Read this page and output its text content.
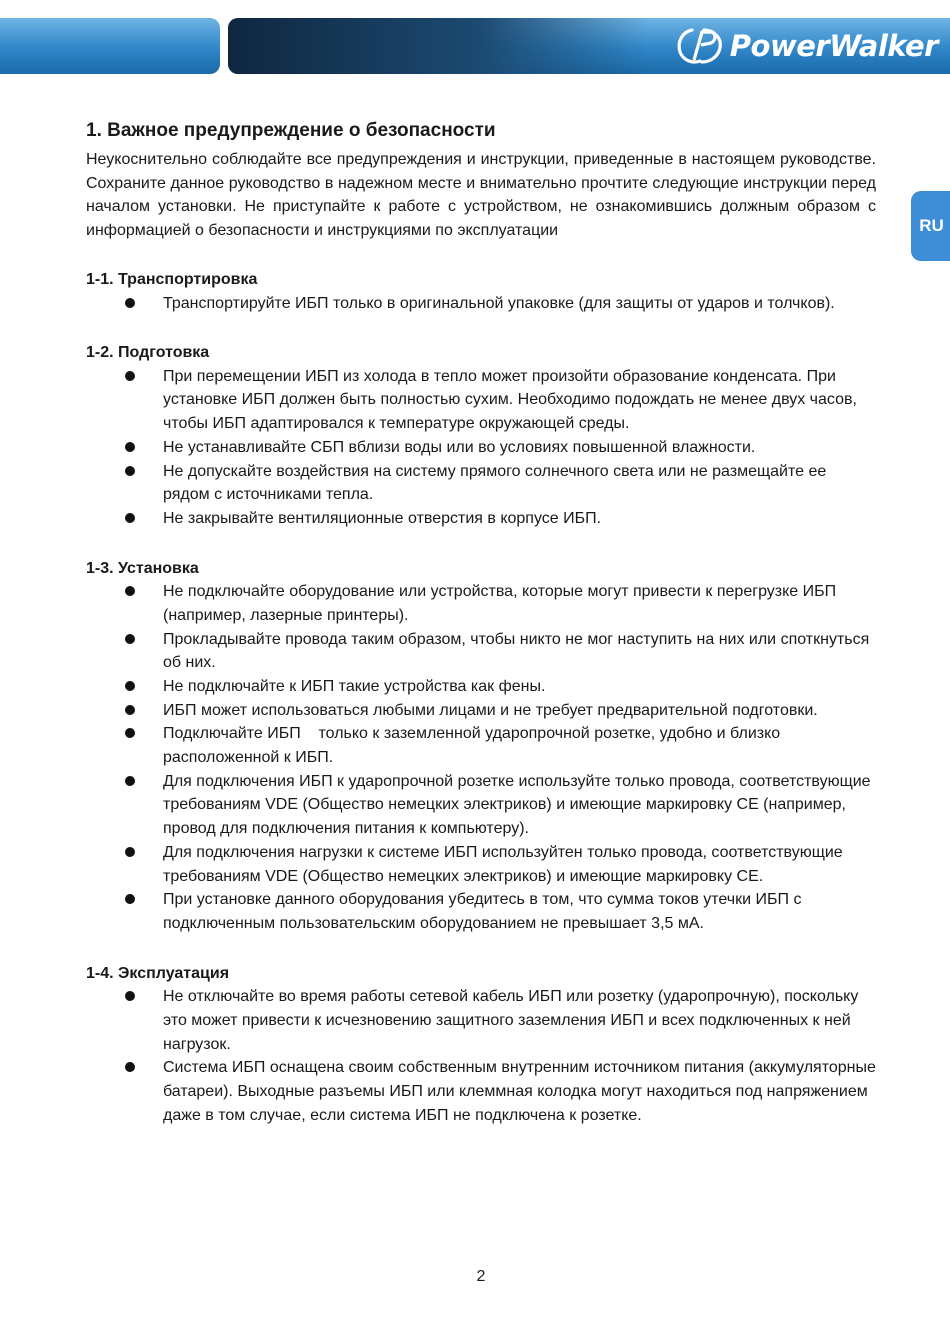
PowerWalker
RU
1. Важное предупреждение о безопасности

Неукоснительно соблюдайте все предупреждения и инструкции, приведенные в настоящем руководстве. Сохраните данное руководство в надежном месте и внимательно прочтите следующие инструкции перед началом установки. Не приступайте к работе с устройством, не ознакомившись должным образом с информацией о безопасности и инструкциями по эксплуатации

1-1. Транспортировка
Транспортируйте ИБП только в оригинальной упаковке (для защиты от ударов и толчков).
1-2. Подготовка
При перемещении ИБП из холода в тепло может произойти образование конденсата. При установке ИБП должен быть полностью сухим. Необходимо подождать не менее двух часов, чтобы ИБП адаптировался к температуре окружающей среды.
Не устанавливайте СБП вблизи воды или во условиях повышенной влажности.
Не допускайте воздействия на систему прямого солнечного света или не размещайте ее рядом с источниками тепла.
Не закрывайте вентиляционные отверстия в корпусе ИБП.
1-3. Установка
Не подключайте оборудование или устройства, которые могут привести к перегрузке ИБП (например, лазерные принтеры).
Прокладывайте провода таким образом, чтобы никто не мог наступить на них или споткнуться об них.
Не подключайте к ИБП такие устройства как фены.
ИБП может использоваться любыми лицами и не требует предварительной подготовки.
Подключайте ИБП    только к заземленной ударопрочной розетке, удобно и близко расположенной к ИБП.
Для подключения ИБП к ударопрочной розетке используйте только провода, соответствующие требованиям VDE (Общество немецких электриков) и имеющие маркировку CE (например, провод для подключения питания к компьютеру).
Для подключения нагрузки к системе ИБП используйтен только провода, соответствующие требованиям VDE (Общество немецких электриков) и имеющие маркировку CE.
При установке данного оборудования убедитесь в том, что сумма токов утечки ИБП с подключенным пользовательским оборудованием не превышает 3,5 мА.
1-4. Эксплуатация
Не отключайте во время работы сетевой кабель ИБП или розетку (ударопрочную), поскольку это может привести к исчезновению защитного заземления ИБП и всех подключенных к ней нагрузок.
Система ИБП оснащена своим собственным внутренним источником питания (аккумуляторные батареи). Выходные разъемы ИБП или клеммная колодка могут находиться под напряжением даже в том случае, если система ИБП не подключена к розетке.
2
